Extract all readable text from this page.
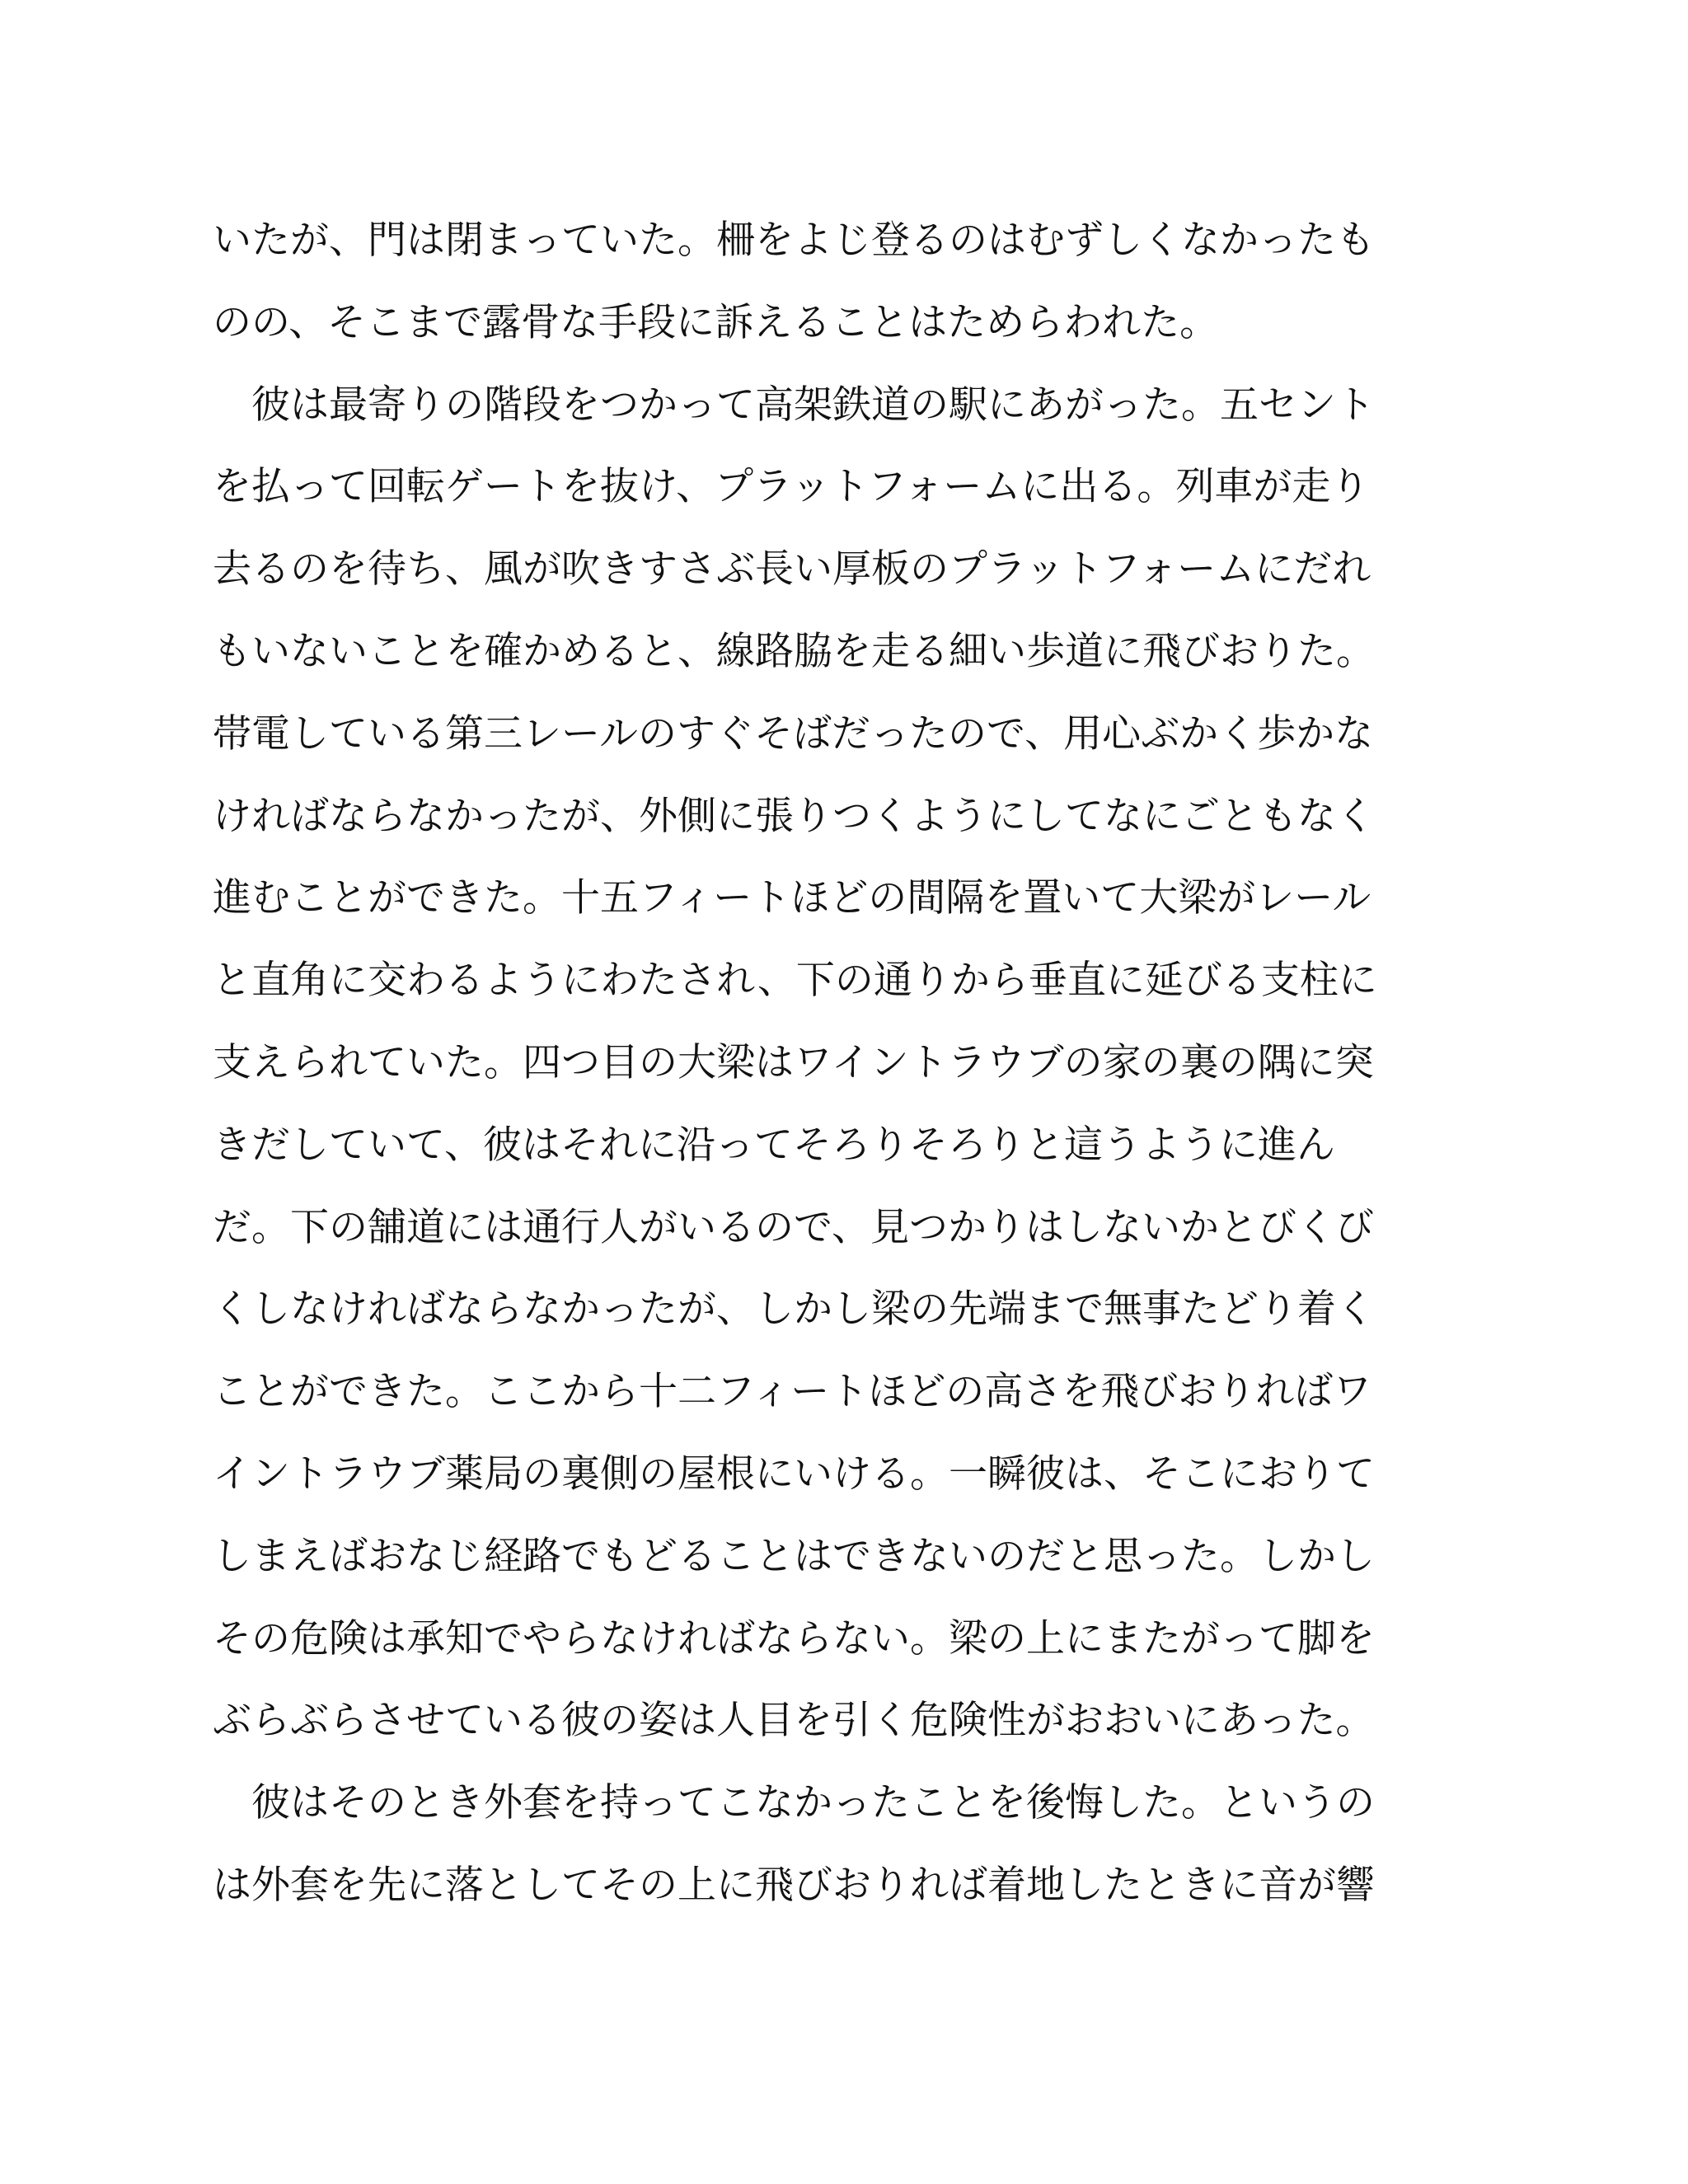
いたが、門は閉まっていた。柵をよじ登るのはむずしくなかったも
のの、そこまで露骨な手段に訴えることはためらわれた。
　彼は最寄りの階段をつかって高架鉄道の駅にあがった。五セント
を払って回転ゲートを抜け、プラットフォームに出る。列車が走り
去るのを待ち、風が吹きすさぶ長い厚板のプラットフォームにだれ
もいないことを確かめると、線路脇を走る細い歩道に飛びおりた。
帯電している第三レールのすぐそばだったので、用心ぶかく歩かな
ければならなかったが、外側に張りつくようにしてなにごともなく
進むことができた。十五フィートほどの間隔を置いて大梁がレール
と直角に交わるようにわたされ、下の通りから垂直に延びる支柱に
支えられていた。四つ目の大梁はワイントラウブの家の裏の隅に突
きだしていて、彼はそれに沿ってそろりそろりと這うように進ん
だ。下の舗道には通行人がいるので、見つかりはしないかとびくび
くしなければならなかったが、しかし梁の先端まで無事たどり着く
ことができた。ここから十二フィートほどの高さを飛びおりればワ
イントラウブ薬局の裏側の屋根にいける。一瞬彼は、そこにおりて
しまえばおなじ経路でもどることはできないのだと思った。しかし
その危険は承知でやらなければならない。梁の上にまたがって脚を
ぶらぶらさせている彼の姿は人目を引く危険性がおおいにあった。
　彼はそのとき外套を持ってこなかったことを後悔した。というの
は外套を先に落としてその上に飛びおりれば着地したときに音が響
